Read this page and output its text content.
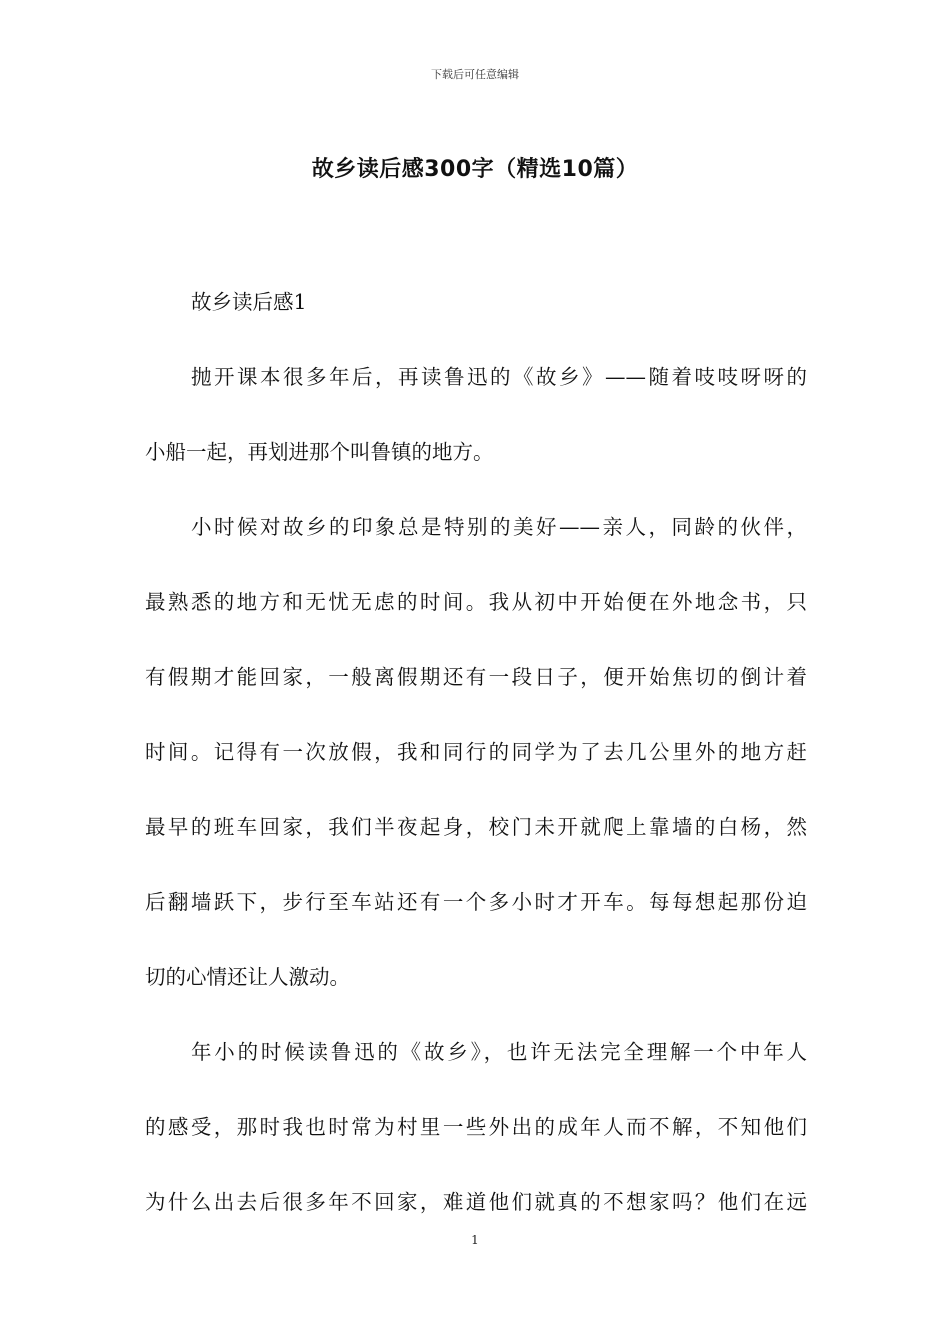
下载后可任意编辑
故乡读后感300字（精选10篇）
故乡读后感1
抛开课本很多年后，再读鲁迅的《故乡》——随着吱吱呀呀的
小船一起，再划进那个叫鲁镇的地方。
小时候对故乡的印象总是特别的美好——亲人，同龄的伙伴，
最熟悉的地方和无忧无虑的时间。我从初中开始便在外地念书，只
有假期才能回家，一般离假期还有一段日子，便开始焦切的倒计着
时间。记得有一次放假，我和同行的同学为了去几公里外的地方赶
最早的班车回家，我们半夜起身，校门未开就爬上靠墙的白杨，然
后翻墙跃下，步行至车站还有一个多小时才开车。每每想起那份迫
切的心情还让人激动。
年小的时候读鲁迅的《故乡》，也许无法完全理解一个中年人
的感受，那时我也时常为村里一些外出的成年人而不解，不知他们
为什么出去后很多年不回家，难道他们就真的不想家吗？他们在远
1
